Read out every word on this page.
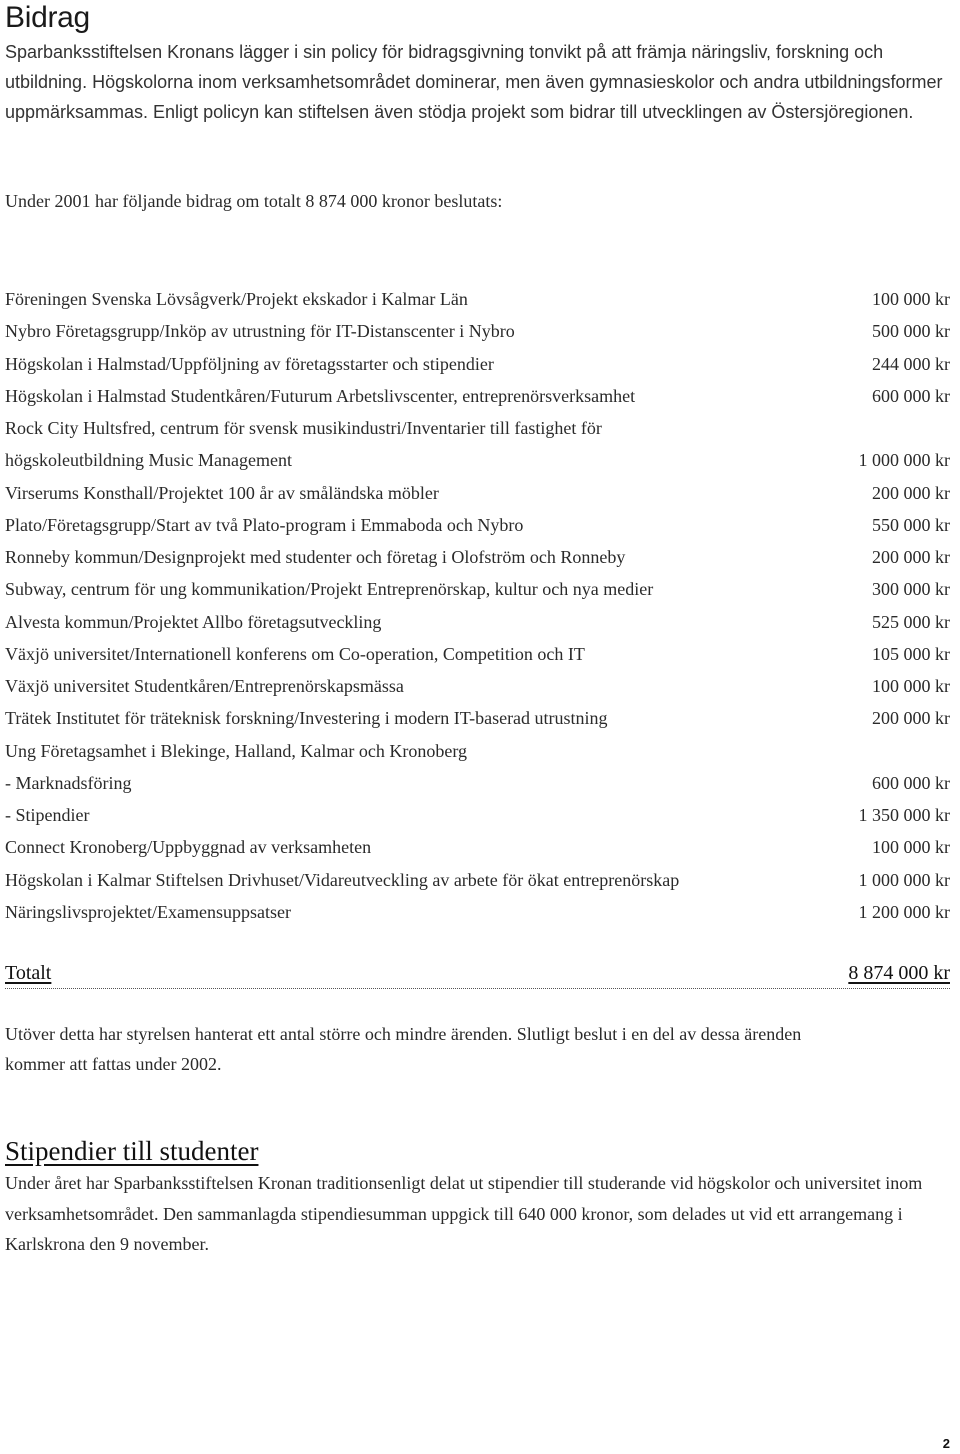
Bidrag

Sparbanksstiftelsen Kronans lägger i sin policy för bidragsgivning tonvikt på att främja näringsliv, forskning och utbildning. Högskolorna inom verksamhetsområdet dominerar, men även gymnasieskolor och andra utbildningsformer uppmärksammas. Enligt policyn kan stiftelsen även stödja projekt som bidrar till utvecklingen av Östersjöregionen.

Under 2001 har följande bidrag om totalt 8 874 000 kronor beslutats:

Föreningen Svenska Lövsågverk/Projekt ekskador i Kalmar Län	100 000 kr
Nybro Företagsgrupp/Inköp av utrustning för IT-Distanscenter i Nybro	500 000 kr
Högskolan i Halmstad/Uppföljning av företagsstarter och stipendier	244 000 kr
Högskolan i Halmstad Studentkåren/Futurum Arbetslivscenter, entreprenörsverksamhet	600 000 kr
Rock City Hultsfred, centrum för svensk musikindustri/Inventarier till fastighet för
högskoleutbildning Music Management	1 000 000 kr
Virserums Konsthall/Projektet 100 år av småländska möbler	200 000 kr
Plato/Företagsgrupp/Start av två Plato-program i Emmaboda och Nybro	550 000 kr
Ronneby kommun/Designprojekt med studenter och företag i Olofström och Ronneby	200 000 kr
Subway, centrum för ung kommunikation/Projekt Entreprenörskap, kultur och nya medier	300 000 kr
Alvesta kommun/Projektet Allbo företagsutveckling	525 000 kr
Växjö universitet/Internationell konferens om Co-operation, Competition och IT	105 000 kr
Växjö universitet Studentkåren/Entreprenörskapsmässa	100 000 kr
Trätek Institutet för träteknisk forskning/Investering i modern IT-baserad utrustning	200 000 kr
Ung Företagsamhet i Blekinge, Halland, Kalmar och Kronoberg
- Marknadsföring	600 000 kr
- Stipendier	1 350 000 kr
Connect Kronoberg/Uppbyggnad av verksamheten	100 000 kr
Högskolan i Kalmar Stiftelsen Drivhuset/Vidareutveckling av arbete för ökat entreprenörskap	1 000 000 kr
Näringslivsprojektet/Examensuppsatser	1 200 000 kr
Totalt	8 874 000 kr

Utöver detta har styrelsen hanterat ett antal större och mindre ärenden. Slutligt beslut i en del av dessa ärenden kommer att fattas under 2002.

Stipendier till studenter

Under året har Sparbanksstiftelsen Kronan traditionsenligt delat ut stipendier till studerande vid högskolor och universitet inom verksamhetsområdet. Den sammanlagda stipendiesumman uppgick till 640 000 kronor, som delades ut vid ett arrangemang i Karlskrona den 9 november.

2
